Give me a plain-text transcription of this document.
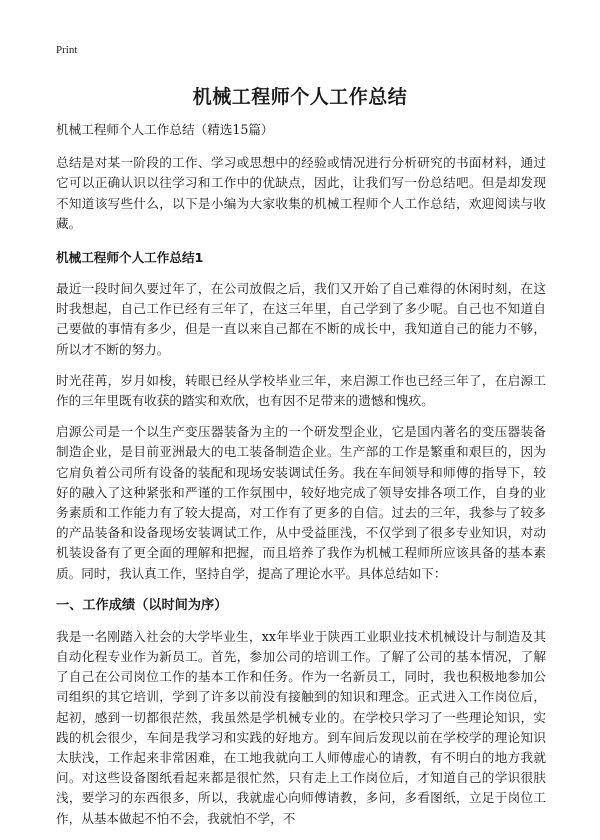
Print
机械工程师个人工作总结

机械工程师个人工作总结（精选15篇）

总结是对某一阶段的工作、学习或思想中的经验或情况进行分析研究的书面材料，通过它可以正确认识以往学习和工作中的优缺点，因此，让我们写一份总结吧。但是却发现不知道该写些什么，以下是小编为大家收集的机械工程师个人工作总结，欢迎阅读与收藏。

机械工程师个人工作总结1

最近一段时间久要过年了，在公司放假之后，我们又开始了自己难得的休闲时刻，在这时我想起，自己工作已经有三年了，在这三年里，自己学到了多少呢。自己也不知道自己要做的事情有多少，但是一直以来自己都在不断的成长中，我知道自己的能力不够，所以才不断的努力。

时光荏苒，岁月如梭，转眼已经从学校毕业三年，来启源工作也已经三年了，在启源工作的三年里既有收获的踏实和欢欣，也有因不足带来的遗憾和愧疚。

启源公司是一个以生产变压器装备为主的一个研发型企业，它是国内著名的变压器装备制造企业，是目前亚洲最大的电工装备制造企业。生产部的工作是繁重和艰巨的，因为它肩负着公司所有设备的装配和现场安装调试任务。我在车间领导和师傅的指导下，较好的融入了这种紧张和严谨的工作氛围中，较好地完成了领导安排各项工作，自身的业务素质和工作能力有了较大提高，对工作有了更多的自信。过去的三年，我参与了较多的产品装备和设备现场安装调试工作，从中受益匪浅，不仅学到了很多专业知识，对动机装设备有了更全面的理解和把握，而且培养了我作为机械工程师所应该具备的基本素质。同时，我认真工作，坚持自学，提高了理论水平。具体总结如下：

一、工作成绩（以时间为序）

我是一名刚踏入社会的大学毕业生，xx年毕业于陕西工业职业技术机械设计与制造及其自动化程专业作为新员工。首先，参加公司的培训工作。了解了公司的基本情况，了解了自己在公司岗位工作的基本工作和任务。作为一名新员工，同时，我也积极地参加公司组织的其它培训，学到了许多以前没有接触到的知识和理念。正式进入工作岗位后，起初，感到一切都很茫然，我虽然是学机械专业的。在学校只学习了一些理论知识，实践的机会很少，车间是我学习和实践的好地方。到车间后发现以前在学校学的理论知识太肤浅，工作起来非常困难，在工地我就向工人师傅虚心的请教，有不明白的地方我就问。对这些设备图纸看起来都是很忙然，只有走上工作岗位后，才知道自己的学识很肤浅，要学习的东西很多，所以，我就虚心向师傅请教，多问，多看图纸，立足于岗位工作，从基本做起不怕不会，我就怕不学，不
